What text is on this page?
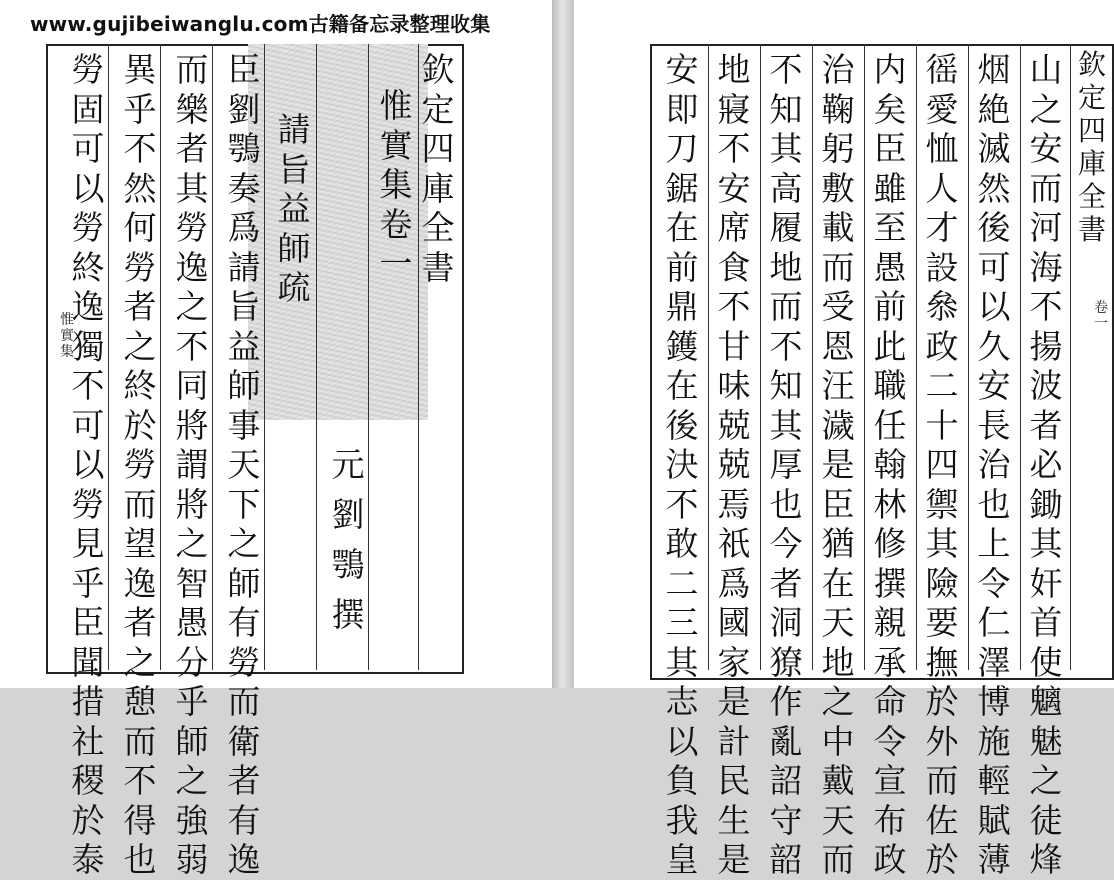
www.gujibeiwanglu.com古籍备忘录整理收集

惟
實
集

欽
定
四
庫
全
書

惟
實
集
卷
一

元
劉
鶚
撰

請
旨
益
師
疏

臣
劉
鶚
奏
爲
請
旨
益
師
事
天
下
之
師
有
勞
而
衛
者
有
逸

而
樂
者
其
勞
逸
之
不
同
將
謂
將
之
智
愚
分
乎
師
之
強
弱

異
乎
不
然
何
勞
者
之
終
於
勞
而
望
逸
者
之
憩
而
不
得
也

勞
固
可
以
勞
終
逸
獨
不
可
以
勞
見
乎
臣
聞
措
社
稷
於
泰

欽
定
四
庫
全
書

卷
一

山
之
安
而
河
海
不
揚
波
者
必
鋤
其
奸
首
使
魑
魅
之
徒
烽

烟
絶
滅
然
後
可
以
久
安
長
治
也
上
令
仁
澤
博
施
輕
賦
薄

徭
愛
恤
人
才
設
叅
政
二
十
四
禦
其
險
要
撫
於
外
而
佐
於

内
矣
臣
雖
至
愚
前
此
職
任
翰
林
修
撰
親
承
命
令
宣
布
政

治
鞠
躬
敷
載
而
受
恩
汪
濊
是
臣
猶
在
天
地
之
中
戴
天
而

不
知
其
高
履
地
而
不
知
其
厚
也
今
者
洞
獠
作
亂
詔
守
韶

地
寢
不
安
席
食
不
甘
味
兢
兢
焉
祇
爲
國
家
是
計
民
生
是

安
即
刀
鋸
在
前
鼎
鑊
在
後
決
不
敢
二
三
其
志
以
負
我
皇
